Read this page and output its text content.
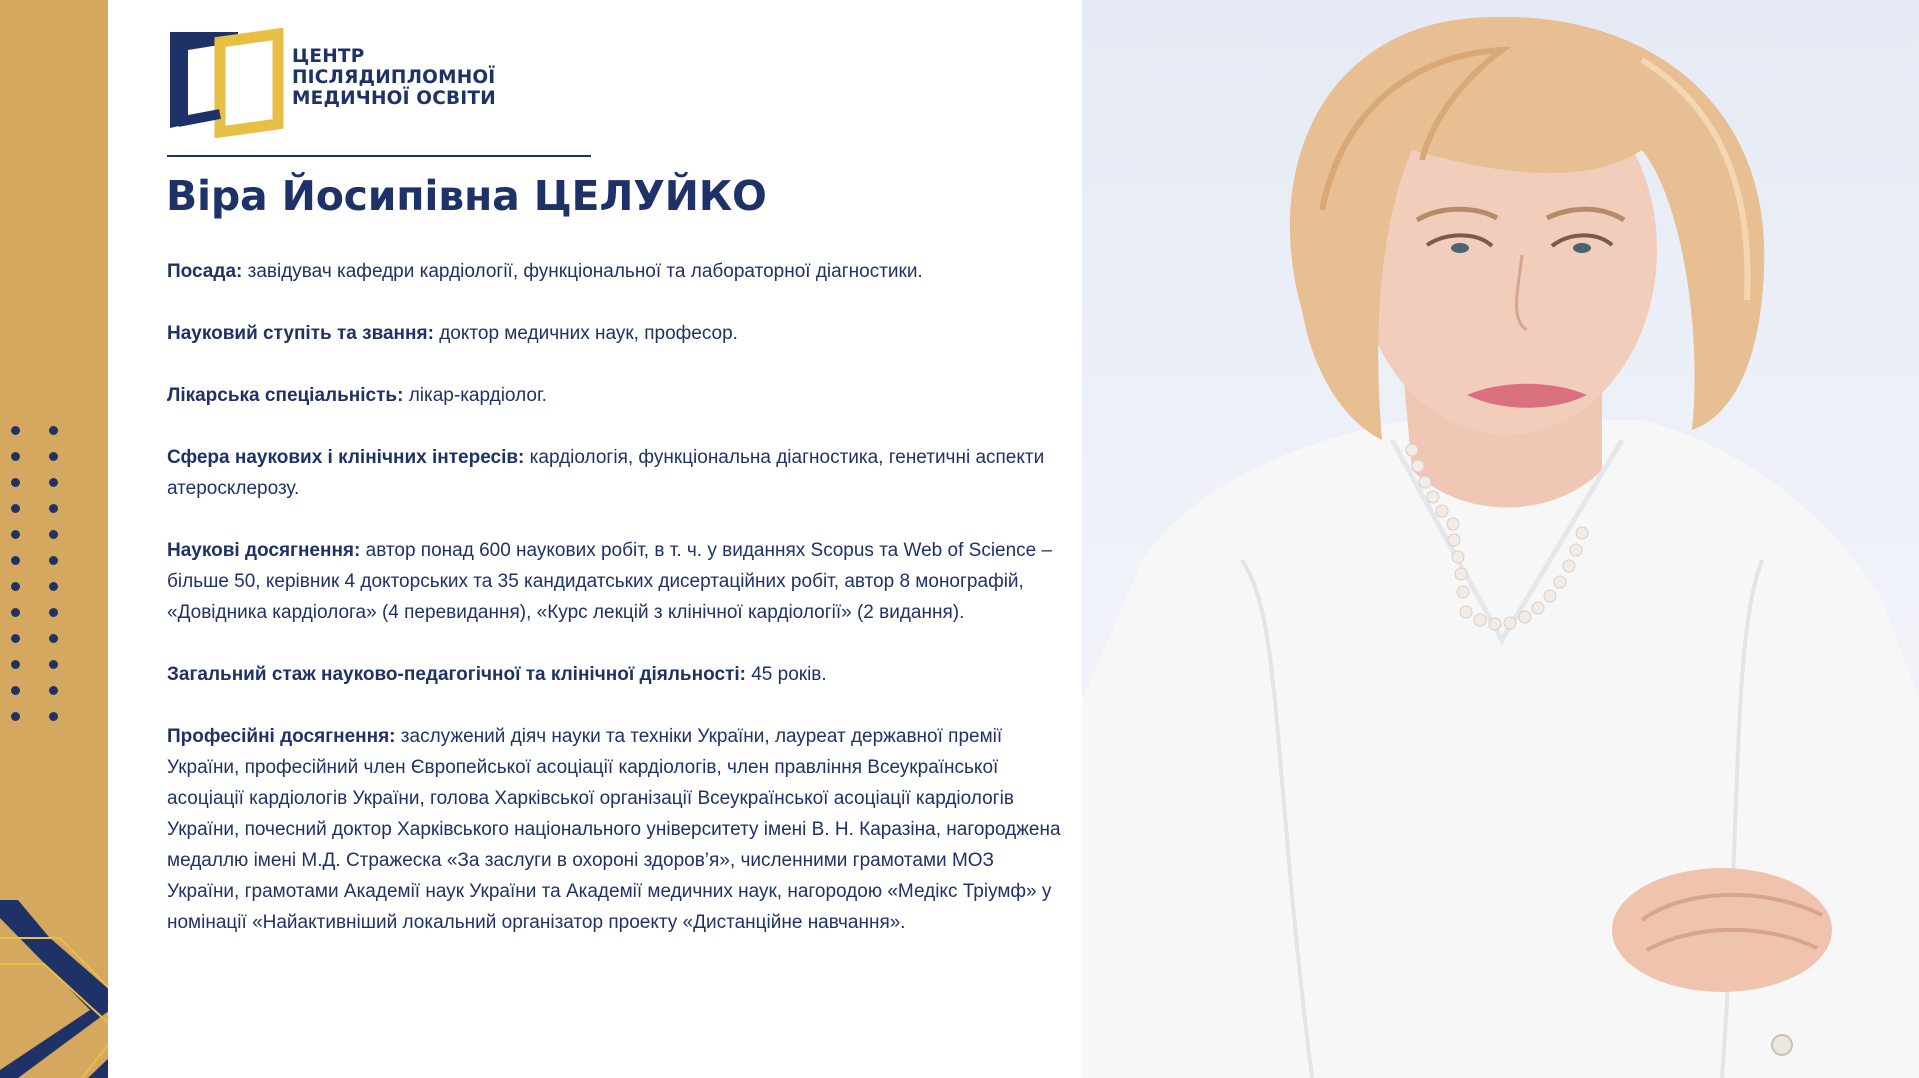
ЦЕНТР
ПІСЛЯДИПЛОМНОЇ
МЕДИЧНОЇ ОСВІТИ
Віра Йосипівна ЦЕЛУЙКО

Посада: завідувач кафедри кардіології, функціональної та лабораторної діагностики.

Науковий ступіть та звання: доктор медичних наук, професор.

Лікарська спеціальність: лікар-кардіолог.

Сфера наукових і клінічних інтересів: кардіологія, функціональна діагностика, генетичні аспекти атеросклерозу.

Наукові досягнення: автор понад 600 наукових робіт, в т. ч. у виданнях Scopus та Web of Science – більше 50, керівник 4 докторських та 35 кандидатських дисертаційних робіт, автор 8 монографій, «Довідника кардіолога» (4 перевидання), «Курс лекцій з клінічної кардіології» (2 видання).

Загальний стаж науково-педагогічної та клінічної діяльності: 45 років.

Професійні досягнення: заслужений діяч науки та техніки України, лауреат державної премії України, професійний член Європейської асоціації кардіологів, член правління Всеукраїнської асоціації кардіологів України, голова Харківської організації Всеукраїнської асоціації кардіологів України, почесний доктор Харківського національного університету імені В. Н. Каразіна, нагороджена медаллю імені М.Д. Стражеска «За заслуги в охороні здоров’я», численними грамотами МОЗ України, грамотами Академії наук України та Академії медичних наук, нагородою «Медікс Тріумф» у номінації «Найактивніший локальний організатор проекту «Дистанційне навчання».
